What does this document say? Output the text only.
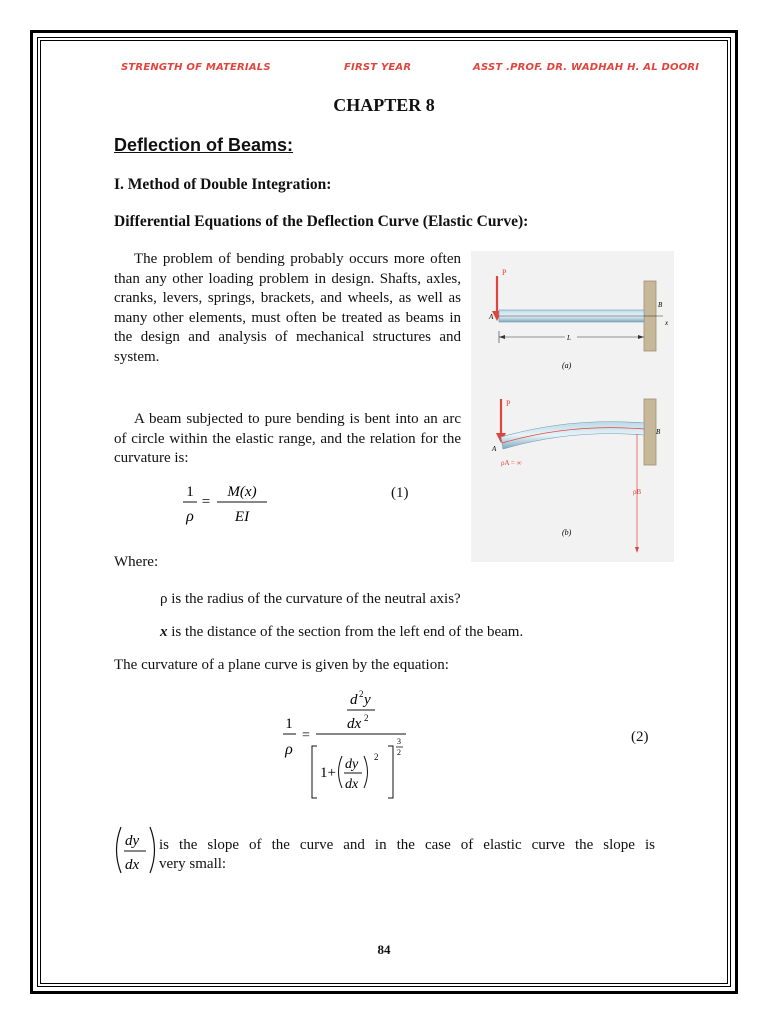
STRENGTH OF MATERIALS	FIRST YEAR	ASST .PROF. DR. WADHAH H. AL DOORI
CHAPTER 8
Deflection of Beams:
I. Method of Double Integration:
Differential Equations of the Deflection Curve (Elastic Curve):
The problem of bending probably occurs more often than any other loading problem in design. Shafts, axles, cranks, levers, springs, brackets, and wheels, as well as many other elements, must often be treated as beams in the design and analysis of mechanical structures and system.
A beam subjected to pure bending is bent into an arc of circle within the elastic range, and the relation for the curvature is:
1
ρ
=
M(x)
EI
(1)
Where:
ρ is the radius of the curvature of the neutral axis?
x is the distance of the section from the left end of the beam.
The curvature of a plane curve is given by the equation:
1
ρ
=
d 2 y
dx 2
1+
dy
dx
2
3
2
(2)
dy
dx
is the slope of the curve and in the case of elastic curve the slope is
very small:
P
x
A
B
L
(a)
P
A
B
ρA = ∞
ρB
(b)
84
